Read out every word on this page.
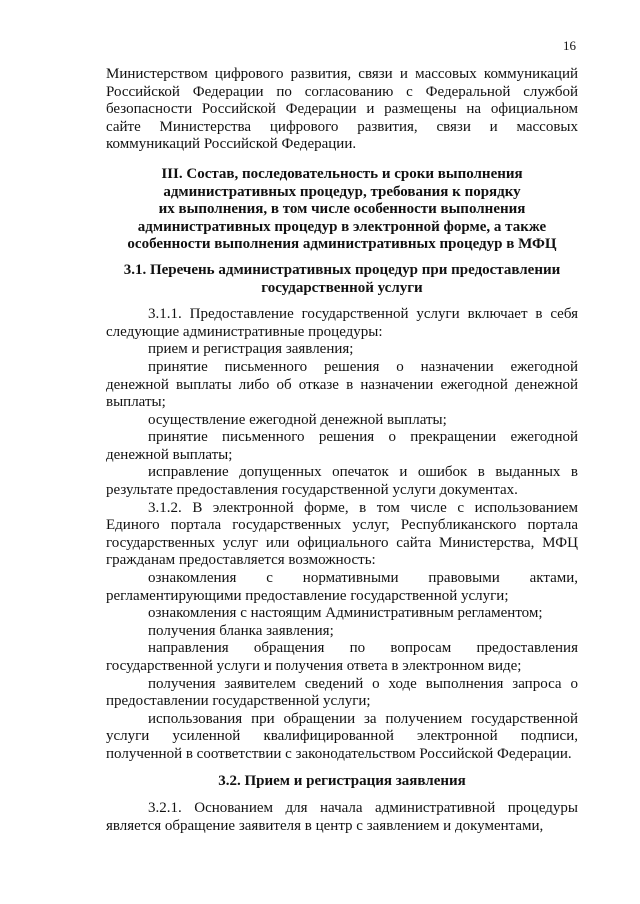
16

Министерством цифрового развития, связи и массовых коммуникаций Российской Федерации по согласованию с Федеральной службой безопасности Российской Федерации и размещены на официальном сайте Министерства цифрового развития, связи и массовых коммуникаций Российской Федерации.

III. Состав, последовательность и сроки выполнения
административных процедур, требования к порядку
их выполнения, в том числе особенности выполнения
административных процедур в электронной форме, а также
особенности выполнения административных процедур в МФЦ
3.1. Перечень административных процедур при предоставлении
государственной услуги

3.1.1. Предоставление государственной услуги включает в себя следующие административные процедуры:

прием и регистрация заявления;

принятие письменного решения о назначении ежегодной денежной выплаты либо об отказе в назначении ежегодной денежной выплаты;

осуществление ежегодной денежной выплаты;

принятие письменного решения о прекращении ежегодной денежной выплаты;

исправление допущенных опечаток и ошибок в выданных в результате предоставления государственной услуги документах.

3.1.2. В электронной форме, в том числе с использованием Единого портала государственных услуг, Республиканского портала государственных услуг или официального сайта Министерства, МФЦ гражданам предоставляется возможность:

ознакомления с нормативными правовыми актами, регламентирующими предоставление государственной услуги;

ознакомления с настоящим Административным регламентом;

получения бланка заявления;

направления обращения по вопросам предоставления государственной услуги и получения ответа в электронном виде;

получения заявителем сведений о ходе выполнения запроса о предоставлении государственной услуги;

использования при обращении за получением государственной услуги усиленной квалифицированной электронной подписи, полученной в соответствии с законодательством Российской Федерации.

3.2. Прием и регистрация заявления

3.2.1. Основанием для начала административной процедуры является обращение заявителя в центр с заявлением и документами,
